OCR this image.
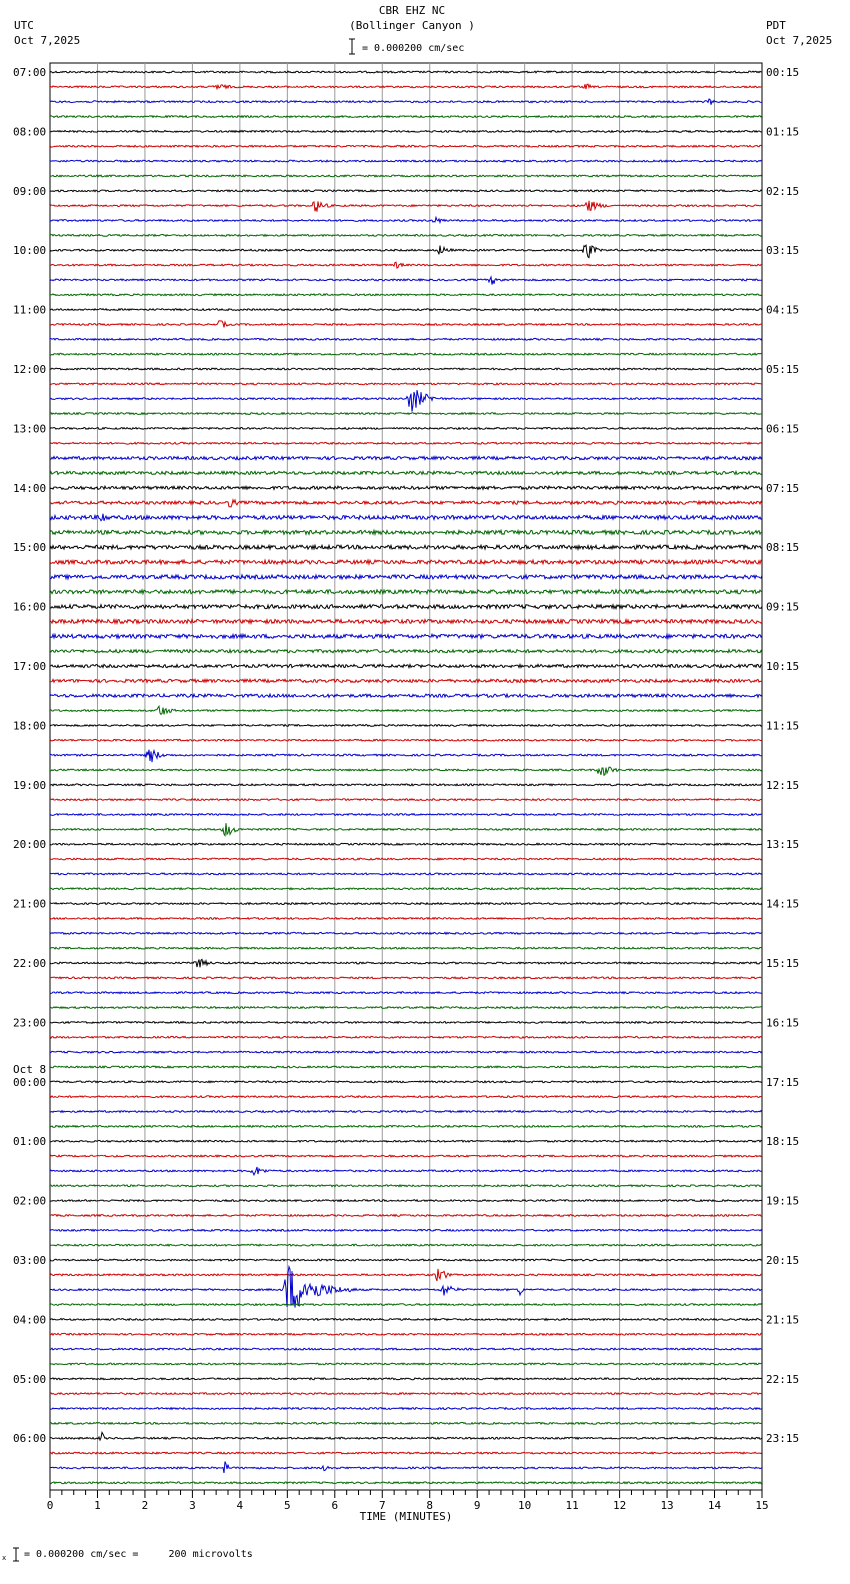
UTC
Oct 7,2025
CBR EHZ NC
(Bollinger Canyon )
= 0.000200 cm/sec
PDT
Oct 7,2025
07:00
08:00
09:00
10:00
11:00
12:00
13:00
14:00
15:00
16:00
17:00
18:00
19:00
20:00
21:00
22:00
23:00
00:00
01:00
02:00
03:00
04:00
05:00
06:00
00:15
01:15
02:15
03:15
04:15
05:15
06:15
07:15
08:15
09:15
10:15
11:15
12:15
13:15
14:15
15:15
16:15
17:15
18:15
19:15
20:15
21:15
22:15
23:15
Oct 8
0	1	2	3	4	5	6	7	8	9	10	11	12	13	14	15
TIME (MINUTES)
x = 0.000200 cm/sec =     200 microvolts
